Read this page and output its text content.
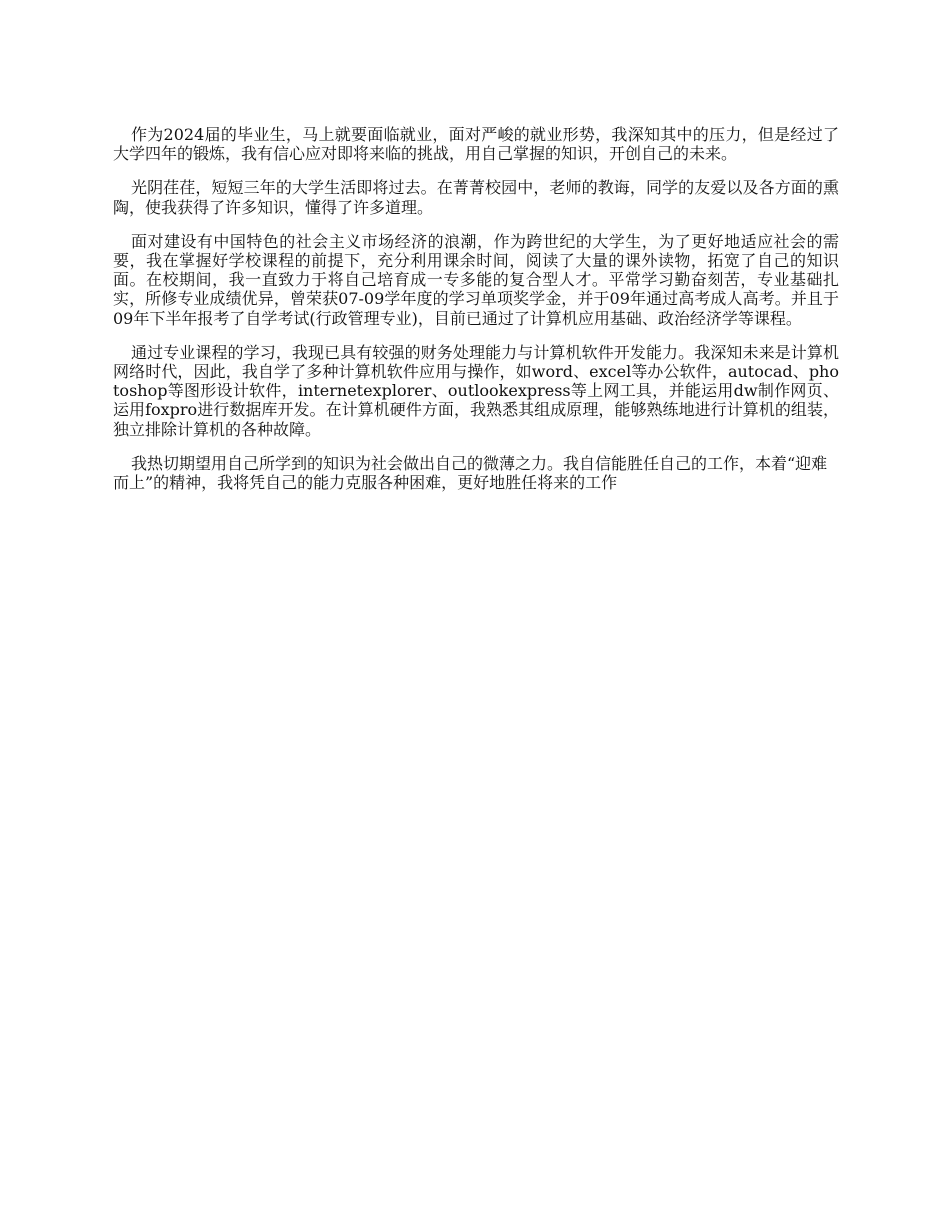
作为2024届的毕业生，马上就要面临就业，面对严峻的就业形势，我深知其中的压力，但是经过了大学四年的锻炼，我有信心应对即将来临的挑战，用自己掌握的知识，开创自己的未来。

光阴荏荏，短短三年的大学生活即将过去。在菁菁校园中，老师的教诲，同学的友爱以及各方面的熏陶，使我获得了许多知识，懂得了许多道理。

面对建设有中国特色的社会主义市场经济的浪潮，作为跨世纪的大学生，为了更好地适应社会的需要，我在掌握好学校课程的前提下，充分利用课余时间，阅读了大量的课外读物，拓宽了自己的知识面。在校期间，我一直致力于将自己培育成一专多能的复合型人才。平常学习勤奋刻苦，专业基础扎实，所修专业成绩优异，曾荣获07-09学年度的学习单项奖学金，并于09年通过高考成人高考。并且于09年下半年报考了自学考试(行政管理专业)，目前已通过了计算机应用基础、政治经济学等课程。

通过专业课程的学习，我现已具有较强的财务处理能力与计算机软件开发能力。我深知未来是计算机网络时代，因此，我自学了多种计算机软件应用与操作，如word、excel等办公软件，autocad、photoshop等图形设计软件，internetexplorer、outlookexpress等上网工具，并能运用dw制作网页、运用foxpro进行数据库开发。在计算机硬件方面，我熟悉其组成原理，能够熟练地进行计算机的组装，独立排除计算机的各种故障。

我热切期望用自己所学到的知识为社会做出自己的微薄之力。我自信能胜任自己的工作，本着“迎难而上”的精神，我将凭自己的能力克服各种困难，更好地胜任将来的工作
